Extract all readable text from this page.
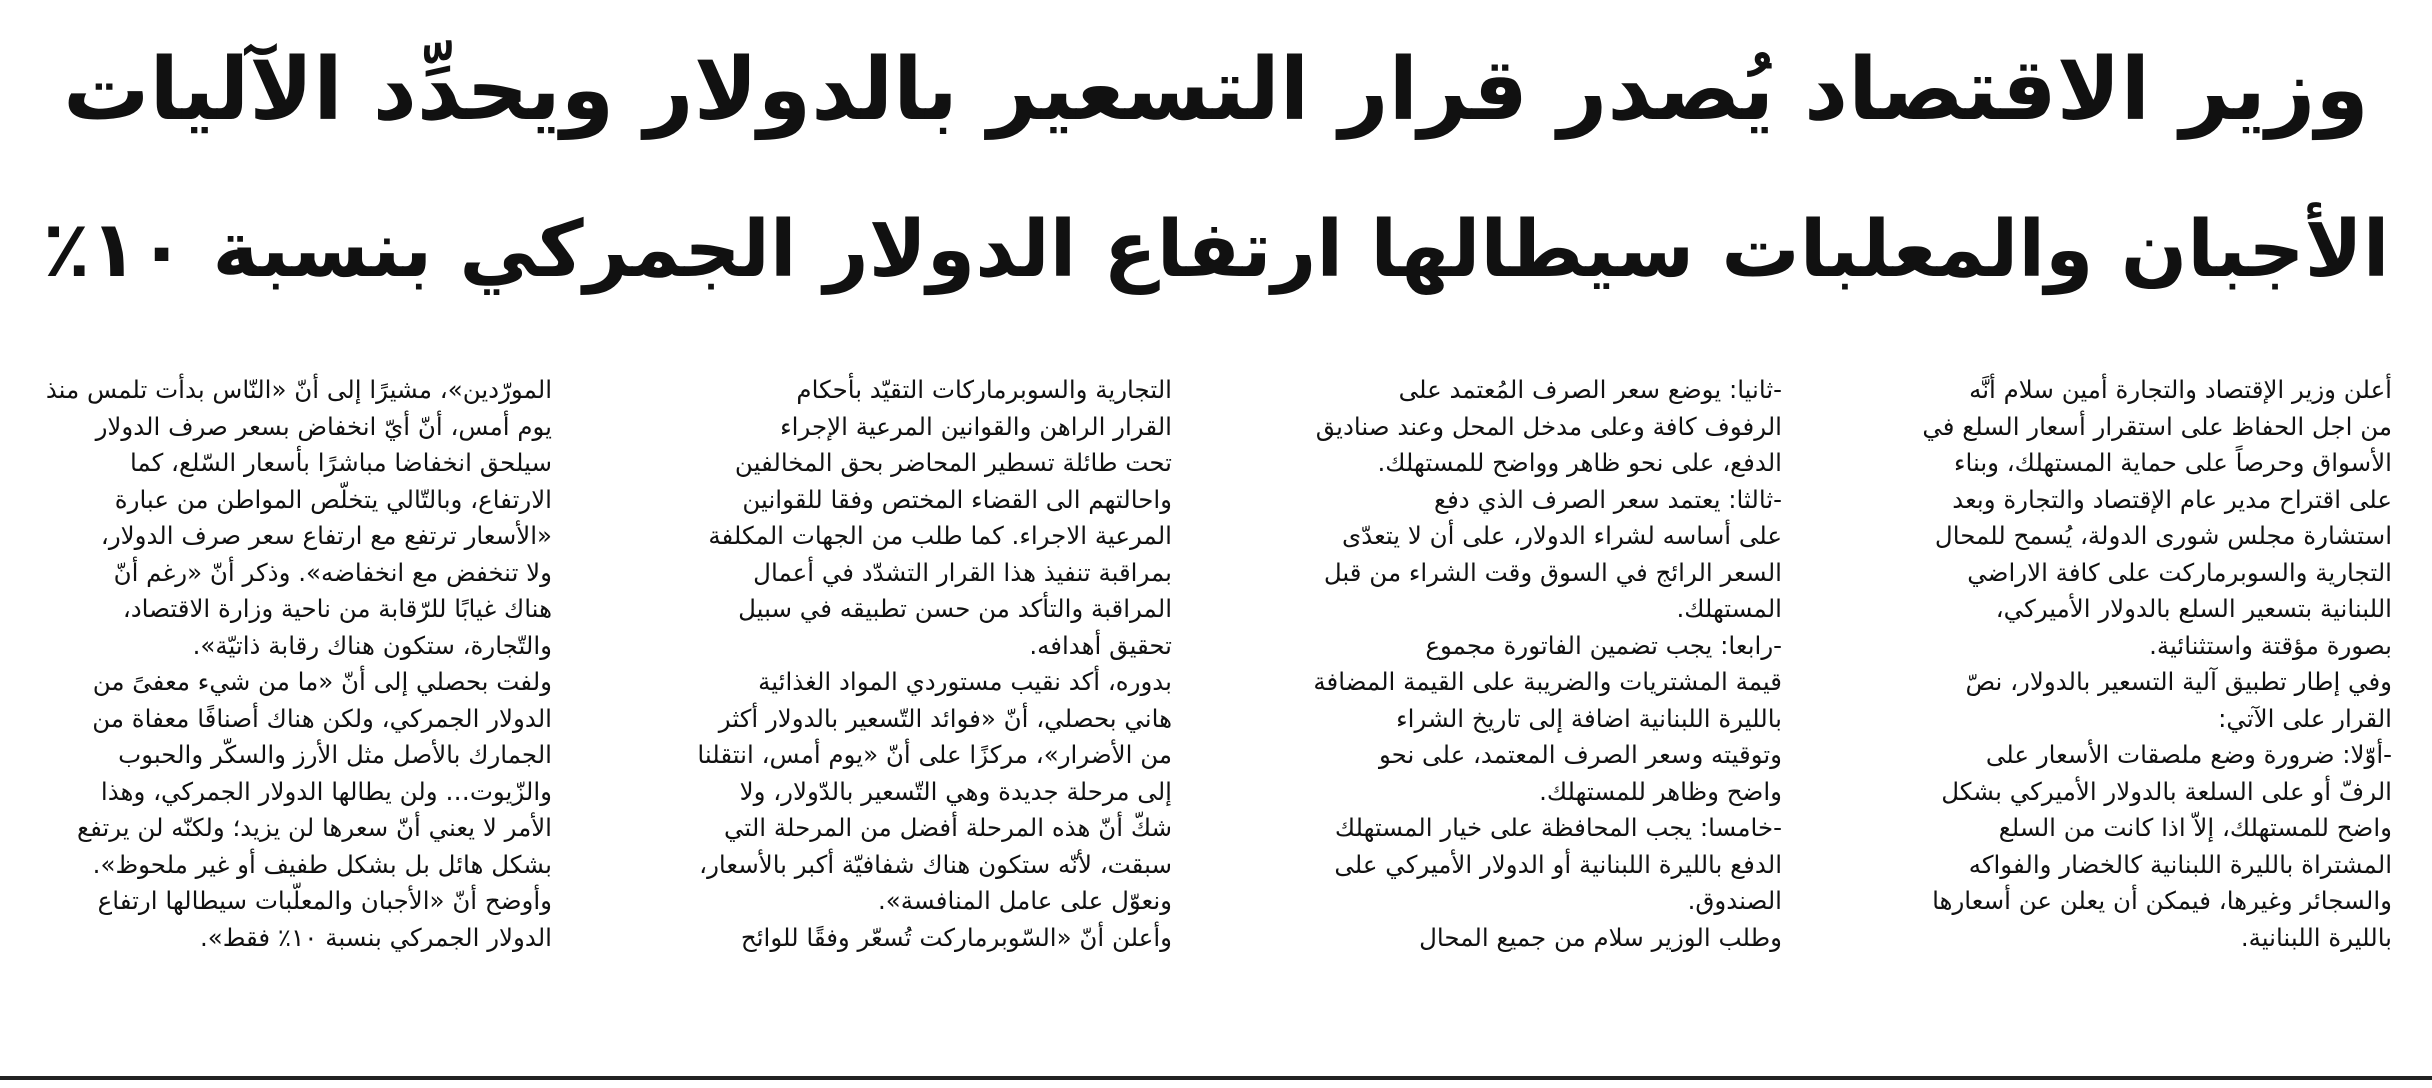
وزير الاقتصاد يُصدر قرار التسعير بالدولار ويحدِّد الآليات
الأجبان والمعلبات سيطالها ارتفاع الدولار الجمركي بنسبة ١٠٪

أعلن وزير الإقتصاد والتجارة أمين سلام أنَّه
من اجل الحفاظ على استقرار أسعار السلع في
الأسواق وحرصاً على حماية المستهلك، وبناء
على اقتراح مدير عام الإقتصاد والتجارة وبعد
استشارة مجلس شورى الدولة، يُسمح للمحال
التجارية والسوبرماركت على كافة الاراضي
اللبنانية بتسعير السلع بالدولار الأميركي،
بصورة مؤقتة واستثنائية.
وفي إطار تطبيق آلية التسعير بالدولار، نصّ
القرار على الآتي:
-أوّلا: ضرورة وضع ملصقات الأسعار على
الرفّ أو على السلعة بالدولار الأميركي بشكل
واضح للمستهلك، إلاّ اذا كانت من السلع
المشتراة بالليرة اللبنانية كالخضار والفواكه
والسجائر وغيرها، فيمكن أن يعلن عن أسعارها
بالليرة اللبنانية.

-ثانيا: يوضع سعر الصرف المُعتمد على
الرفوف كافة وعلى مدخل المحل وعند صناديق
الدفع، على نحو ظاهر وواضح للمستهلك.
-ثالثا: يعتمد سعر الصرف الذي دفع
على أساسه لشراء الدولار، على أن لا يتعدّى
السعر الرائج في السوق وقت الشراء من قبل
المستهلك.
-رابعا: يجب تضمين الفاتورة مجموع
قيمة المشتريات والضريبة على القيمة المضافة
بالليرة اللبنانية اضافة إلى تاريخ الشراء
وتوقيته وسعر الصرف المعتمد، على نحو
واضح وظاهر للمستهلك.
-خامسا: يجب المحافظة على خيار المستهلك
الدفع بالليرة اللبنانية أو الدولار الأميركي على
الصندوق.
وطلب الوزير سلام من جميع المحال

التجارية والسوبرماركات التقيّد بأحكام
القرار الراهن والقوانين المرعية الإجراء
تحت طائلة تسطير المحاضر بحق المخالفين
واحالتهم الى القضاء المختص وفقا للقوانين
المرعية الاجراء. كما طلب من الجهات المكلفة
بمراقبة تنفيذ هذا القرار التشدّد في أعمال
المراقبة والتأكد من حسن تطبيقه في سبيل
تحقيق أهدافه.
بدوره، أكد نقيب مستوردي المواد الغذائية
هاني بحصلي، أنّ «فوائد التّسعير بالدولار أكثر
من الأضرار»، مركزًا على أنّ «يوم أمس، انتقلنا
إلى مرحلة جديدة وهي التّسعير بالدّولار، ولا
شكّ أنّ هذه المرحلة أفضل من المرحلة التي
سبقت، لأنّه ستكون هناك شفافيّة أكبر بالأسعار،
ونعوّل على عامل المنافسة».
وأعلن أنّ «السّوبرماركت تُسعّر وفقًا للوائح

المورّدين»، مشيرًا إلى أنّ «النّاس بدأت تلمس منذ
يوم أمس، أنّ أيّ انخفاض بسعر صرف الدولار
سيلحق انخفاضا مباشرًا بأسعار السّلع، كما
الارتفاع، وبالتّالي يتخلّص المواطن من عبارة
«الأسعار ترتفع مع ارتفاع سعر صرف الدولار،
ولا تنخفض مع انخفاضه». وذكر أنّ «رغم أنّ
هناك غيابًا للرّقابة من ناحية وزارة الاقتصاد،
والتّجارة، ستكون هناك رقابة ذاتيّة».
ولفت بحصلي إلى أنّ «ما من شيء معفىً من
الدولار الجمركي، ولكن هناك أصنافًا معفاة من
الجمارك بالأصل مثل الأرز والسكّر والحبوب
والزّيوت… ولن يطالها الدولار الجمركي، وهذا
الأمر لا يعني أنّ سعرها لن يزيد؛ ولكنّه لن يرتفع
بشكل هائل بل بشكل طفيف أو غير ملحوظ».
وأوضح أنّ «الأجبان والمعلّبات سيطالها ارتفاع
الدولار الجمركي بنسبة ١٠٪ فقط».
